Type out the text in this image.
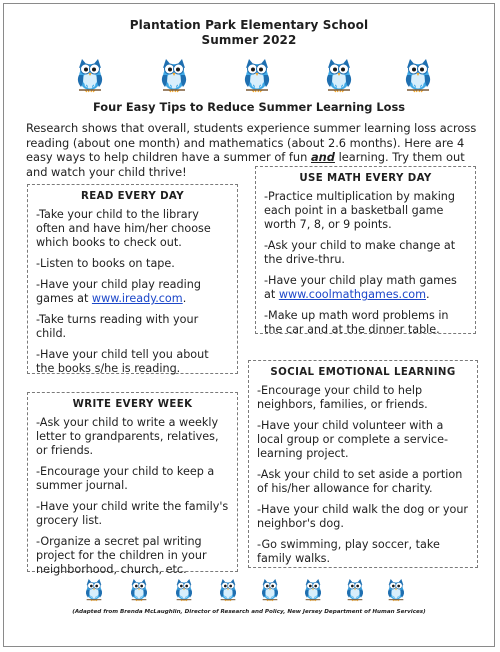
Plantation Park Elementary School
Summer 2022
Four Easy Tips to Reduce Summer Learning Loss
Research shows that overall, students experience summer learning loss across reading (about one month) and mathematics (about 2.6 months). Here are 4 easy ways to help children have a summer of fun and learning. Try them out and watch your child thrive!
READ EVERY DAY

-Take your child to the library often and have him/her choose which books to check out.

-Listen to books on tape.

-Have your child play reading games at www.iready.com.

-Take turns reading with your child.

-Have your child tell you about the books s/he is reading.

USE MATH EVERY DAY

-Practice multiplication by making each point in a basketball game worth 7, 8, or 9 points.

-Ask your child to make change at the drive-thru.

-Have your child play math games at www.coolmathgames.com.

-Make up math word problems in the car and at the dinner table.

SOCIAL EMOTIONAL LEARNING

-Encourage your child to help neighbors, families, or friends.

-Have your child volunteer with a local group or complete a service-learning project.

-Ask your child to set aside a portion of his/her allowance for charity.

-Have your child walk the dog or your neighbor's dog.

-Go swimming, play soccer, take family walks.

WRITE EVERY WEEK

-Ask your child to write a weekly letter to grandparents, relatives, or friends.

-Encourage your child to keep a summer journal.

-Have your child write the family's grocery list.

-Organize a secret pal writing project for the children in your neighborhood, church, etc.

(Adapted from Brenda McLaughlin, Director of Research and Policy, New Jersey Department of Human Services)
